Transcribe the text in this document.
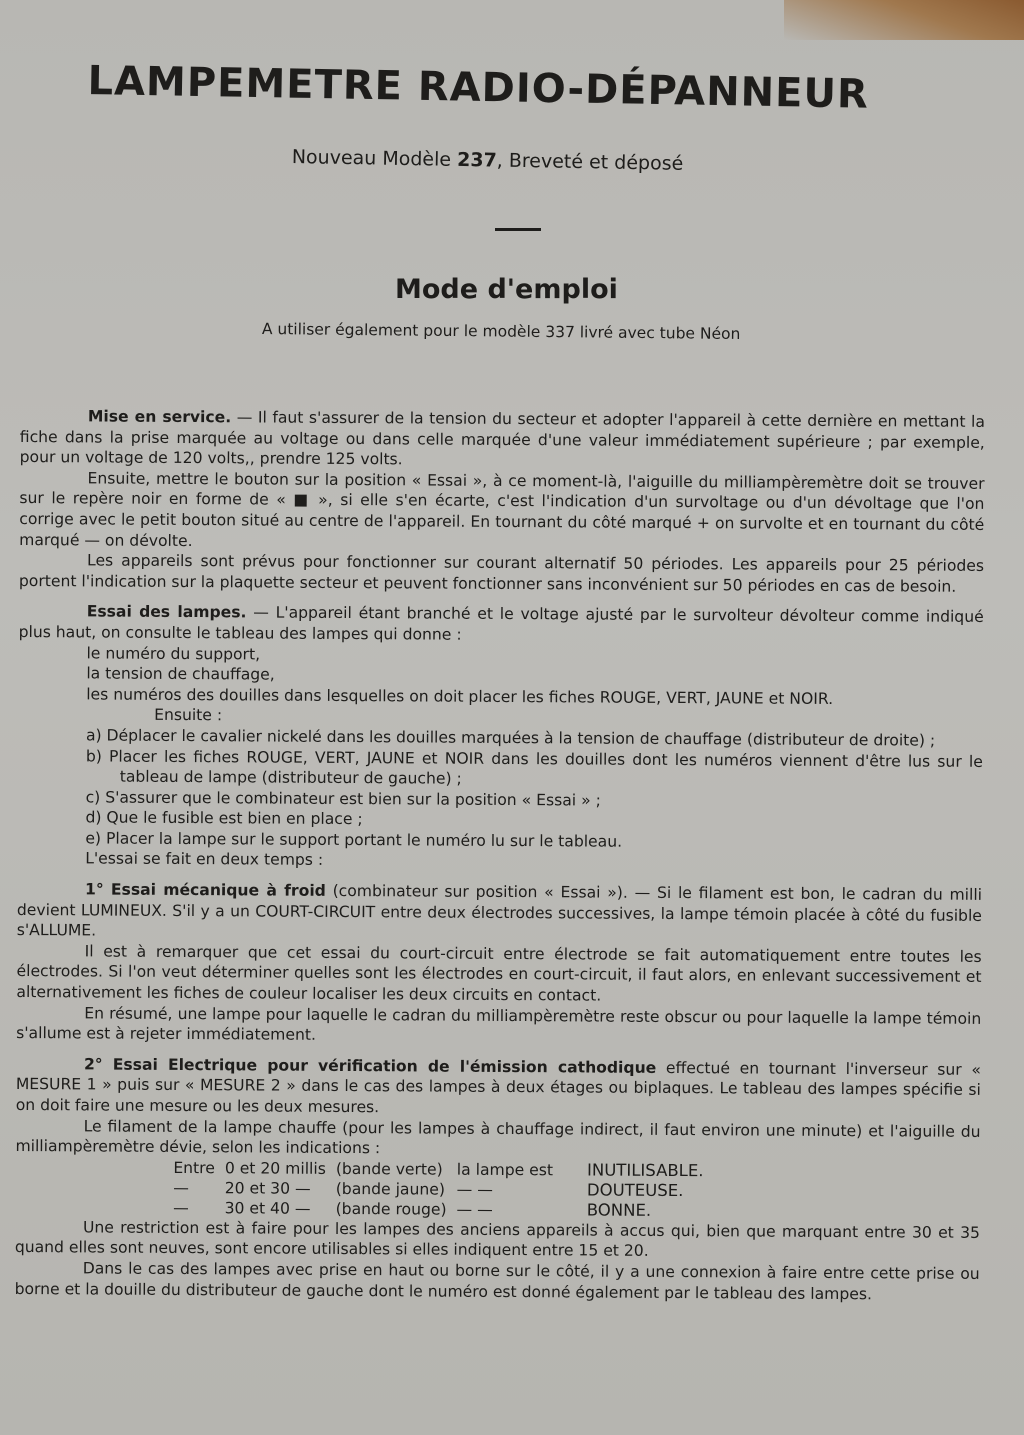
LAMPEMETRE RADIO-DÉPANNEUR
Nouveau Modèle 237, Breveté et déposé
Mode d'emploi
A utiliser également pour le modèle 337 livré avec tube Néon

Mise en service. — Il faut s'assurer de la tension du secteur et adopter l'appareil à cette dernière en mettant la fiche dans la prise marquée au voltage ou dans celle marquée d'une valeur immédiatement supérieure ; par exemple, pour un voltage de 120 volts,, prendre 125 volts.

Ensuite, mettre le bouton sur la position « Essai », à ce moment-là, l'aiguille du milliampèremètre doit se trouver sur le repère noir en forme de « ■ », si elle s'en écarte, c'est l'indication d'un survoltage ou d'un dévoltage que l'on corrige avec le petit bouton situé au centre de l'appareil. En tournant du côté marqué + on survolte et en tournant du côté marqué — on dévolte.

Les appareils sont prévus pour fonctionner sur courant alternatif 50 périodes. Les appareils pour 25 périodes portent l'indication sur la plaquette secteur et peuvent fonctionner sans inconvénient sur 50 périodes en cas de besoin.

Essai des lampes. — L'appareil étant branché et le voltage ajusté par le survolteur dévolteur comme indiqué plus haut, on consulte le tableau des lampes qui donne :

le numéro du support,
la tension de chauffage,
les numéros des douilles dans lesquelles on doit placer les fiches ROUGE, VERT, JAUNE et NOIR.

Ensuite :

a) Déplacer le cavalier nickelé dans les douilles marquées à la tension de chauffage (distributeur de droite) ;
b) Placer les fiches ROUGE, VERT, JAUNE et NOIR dans les douilles dont les numéros viennent d'être lus sur le tableau de lampe (distributeur de gauche) ;
c) S'assurer que le combinateur est bien sur la position « Essai » ;
d) Que le fusible est bien en place ;
e) Placer la lampe sur le support portant le numéro lu sur le tableau.

L'essai se fait en deux temps :

1° Essai mécanique à froid (combinateur sur position « Essai »). — Si le filament est bon, le cadran du milli devient LUMINEUX. S'il y a un COURT-CIRCUIT entre deux électrodes successives, la lampe témoin placée à côté du fusible s'ALLUME.

Il est à remarquer que cet essai du court-circuit entre électrode se fait automatiquement entre toutes les électrodes. Si l'on veut déterminer quelles sont les électrodes en court-circuit, il faut alors, en enlevant successivement et alternativement les fiches de couleur localiser les deux circuits en contact.

En résumé, une lampe pour laquelle le cadran du milliampèremètre reste obscur ou pour laquelle la lampe témoin s'allume est à rejeter immédiatement.

2° Essai Electrique pour vérification de l'émission cathodique effectué en tournant l'inverseur sur « MESURE 1 » puis sur « MESURE 2 » dans le cas des lampes à deux étages ou biplaques. Le tableau des lampes spécifie si on doit faire une mesure ou les deux mesures.

Le filament de la lampe chauffe (pour les lampes à chauffage indirect, il faut environ une minute) et l'aiguille du milliampèremètre dévie, selon les indications :

Entre	0 et 20 millis	(bande verte)	la lampe est	INUTILISABLE.
—	20 et 30 —	(bande jaune)	— —	DOUTEUSE.
—	30 et 40 —	(bande rouge)	— —	BONNE.

Une restriction est à faire pour les lampes des anciens appareils à accus qui, bien que marquant entre 30 et 35 quand elles sont neuves, sont encore utilisables si elles indiquent entre 15 et 20.

Dans le cas des lampes avec prise en haut ou borne sur le côté, il y a une connexion à faire entre cette prise ou borne et la douille du distributeur de gauche dont le numéro est donné également par le tableau des lampes.
